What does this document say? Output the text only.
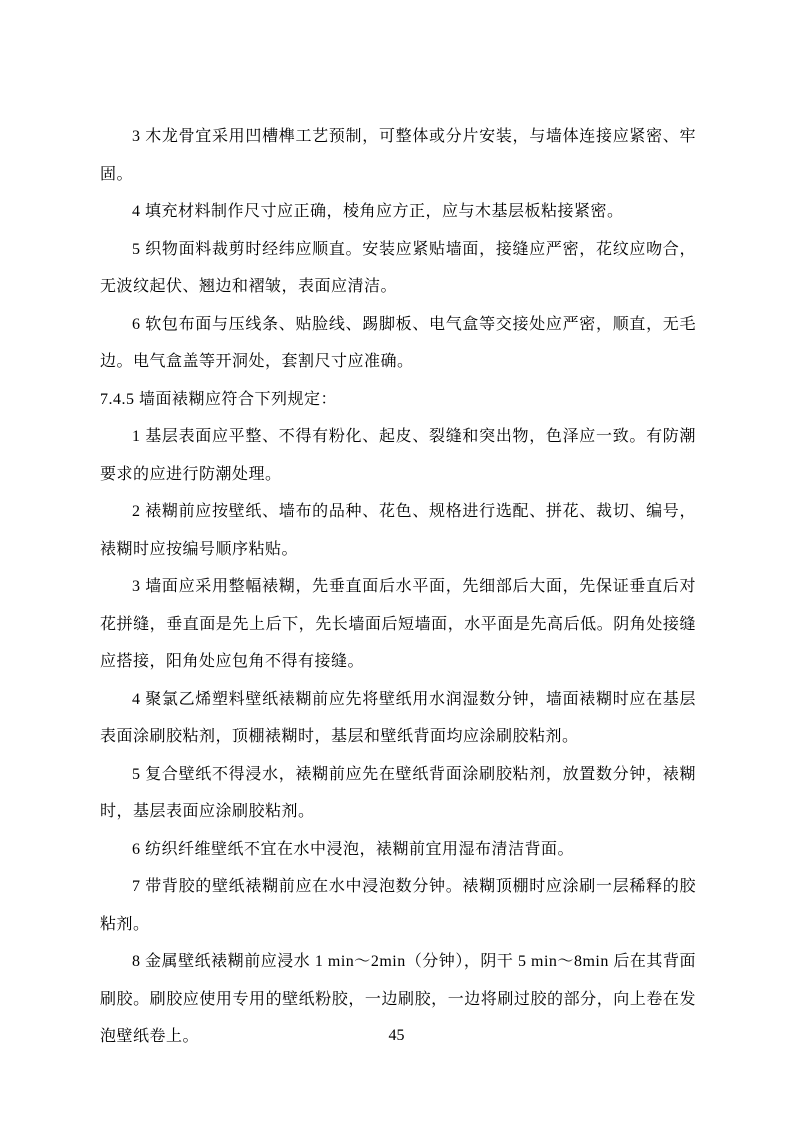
3 木龙骨宜采用凹槽榫工艺预制，可整体或分片安装，与墙体连接应紧密、牢固。

4 填充材料制作尺寸应正确，棱角应方正，应与木基层板粘接紧密。

5 织物面料裁剪时经纬应顺直。安装应紧贴墙面，接缝应严密，花纹应吻合，无波纹起伏、翘边和褶皱，表面应清洁。

6 软包布面与压线条、贴脸线、踢脚板、电气盒等交接处应严密，顺直，无毛边。电气盒盖等开洞处，套割尺寸应准确。

7.4.5 墙面裱糊应符合下列规定：

1 基层表面应平整、不得有粉化、起皮、裂缝和突出物，色泽应一致。有防潮要求的应进行防潮处理。

2 裱糊前应按壁纸、墙布的品种、花色、规格进行选配、拼花、裁切、编号，裱糊时应按编号顺序粘贴。

3 墙面应采用整幅裱糊，先垂直面后水平面，先细部后大面，先保证垂直后对花拼缝，垂直面是先上后下，先长墙面后短墙面，水平面是先高后低。阴角处接缝应搭接，阳角处应包角不得有接缝。

4 聚氯乙烯塑料壁纸裱糊前应先将壁纸用水润湿数分钟，墙面裱糊时应在基层表面涂刷胶粘剂，顶棚裱糊时，基层和壁纸背面均应涂刷胶粘剂。

5 复合壁纸不得浸水，裱糊前应先在壁纸背面涂刷胶粘剂，放置数分钟，裱糊时，基层表面应涂刷胶粘剂。

6 纺织纤维壁纸不宜在水中浸泡，裱糊前宜用湿布清洁背面。

7 带背胶的壁纸裱糊前应在水中浸泡数分钟。裱糊顶棚时应涂刷一层稀释的胶粘剂。

8 金属壁纸裱糊前应浸水 1 min～2min（分钟），阴干 5 min～8min 后在其背面刷胶。刷胶应使用专用的壁纸粉胶，一边刷胶，一边将刷过胶的部分，向上卷在发泡壁纸卷上。	45
